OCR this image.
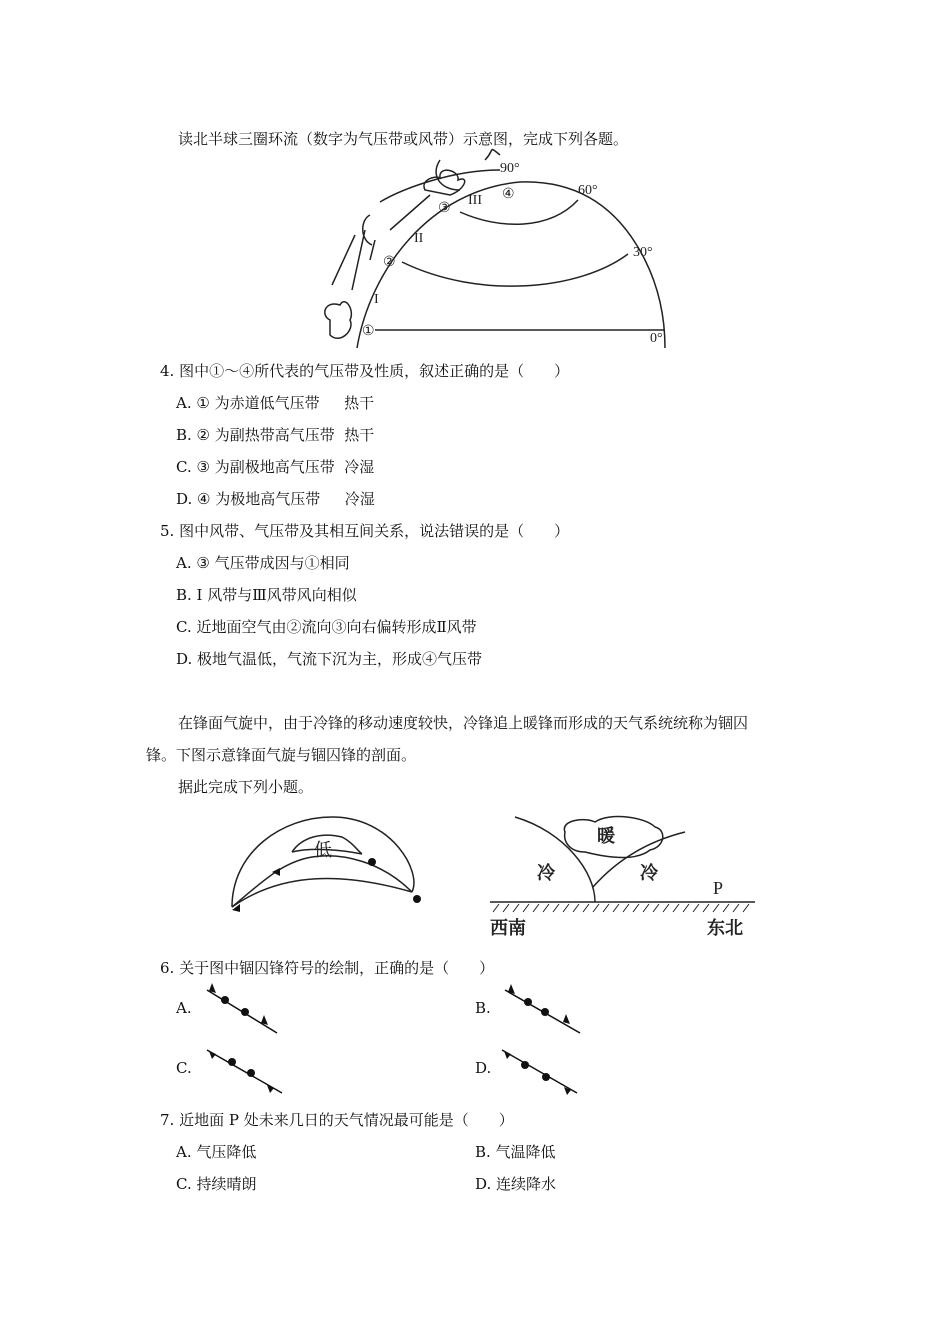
读北半球三圈环流（数字为气压带或风带）示意图，完成下列各题。
90°
60°
30°
0°
①
②
③
④
I
II
III
4. 图中①～④所代表的气压带及性质，叙述正确的是（　　）
A. ① 为赤道低气压带　  热干
B. ② 为副热带高气压带  热干
C. ③ 为副极地高气压带  冷湿
D. ④ 为极地高气压带　  冷湿
5. 图中风带、气压带及其相互间关系，说法错误的是（　　）
A. ③ 气压带成因与①相同
B. Ⅰ 风带与Ⅲ风带风向相似
C. 近地面空气由②流向③向右偏转形成Ⅱ风带
D. 极地气温低，气流下沉为主，形成④气压带
在锋面气旋中，由于冷锋的移动速度较快，冷锋追上暖锋而形成的天气系统统称为锢囚
锋。下图示意锋面气旋与锢囚锋的剖面。
据此完成下列小题。
低
暖
冷	冷
P
西南	东北
6. 关于图中锢囚锋符号的绘制，正确的是（　　）
A.	B.
C.	D.
7. 近地面 P 处未来几日的天气情况最可能是（　　）
A. 气压降低	B. 气温降低
C. 持续晴朗	D. 连续降水
